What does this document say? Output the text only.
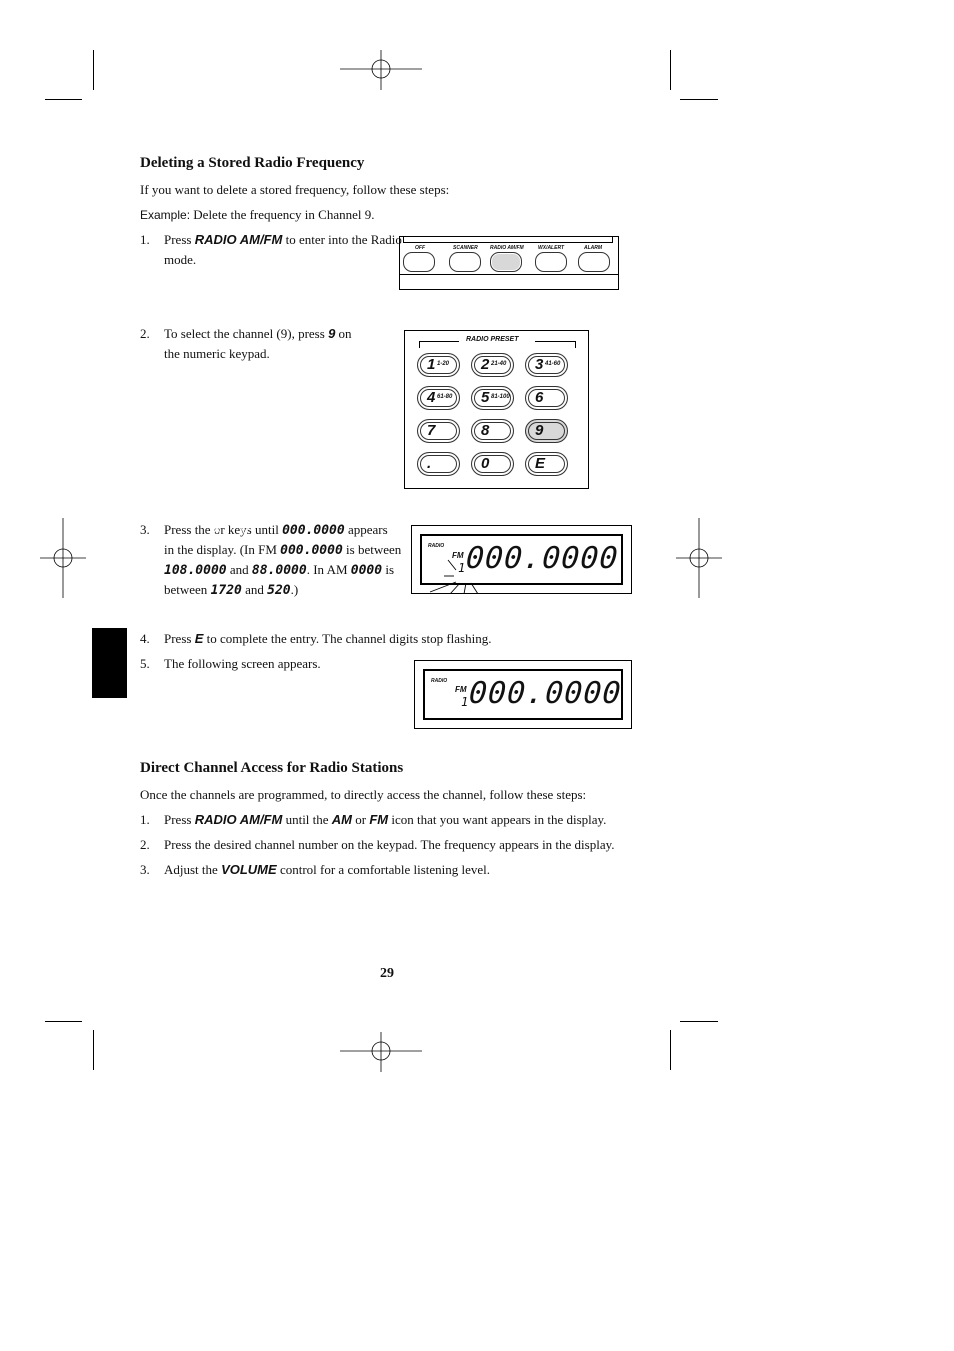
Deleting a Stored Radio Frequency
If you want to delete a stored frequency, follow these steps:
Example: Delete the frequency in Channel 9.
1. Press RADIO AM/FM to enter into the Radio
mode.
OFF	SCANNER RADIO AM/FM	WX/ALERT	ALARM
2. To select the channel (9), press 9 on
the numeric keypad.
RADIO PRESET
1 1-20 2 21-40 3 41-60
4 61-80 5 81-100 6
7	8	9
.	0	E
3. Press the or keys until 000.0000 appears
in the display. (In FM 000.0000 is between
108.0000 and 88.0000. In AM 0000 is
between 1720 and 520.)
RADIO
FM
1 000.0000
4. Press E to complete the entry. The channel digits stop flashing.
5. The following screen appears.
RADIO
FM
1 000.0000
Direct Channel Access for Radio Stations
Once the channels are programmed, to directly access the channel, follow these steps:
1. Press RADIO AM/FM until the AM or FM icon that you want appears in the display.
2. Press the desired channel number on the keypad. The frequency appears in the display.
3. Adjust the VOLUME control for a comfortable listening level.
29
